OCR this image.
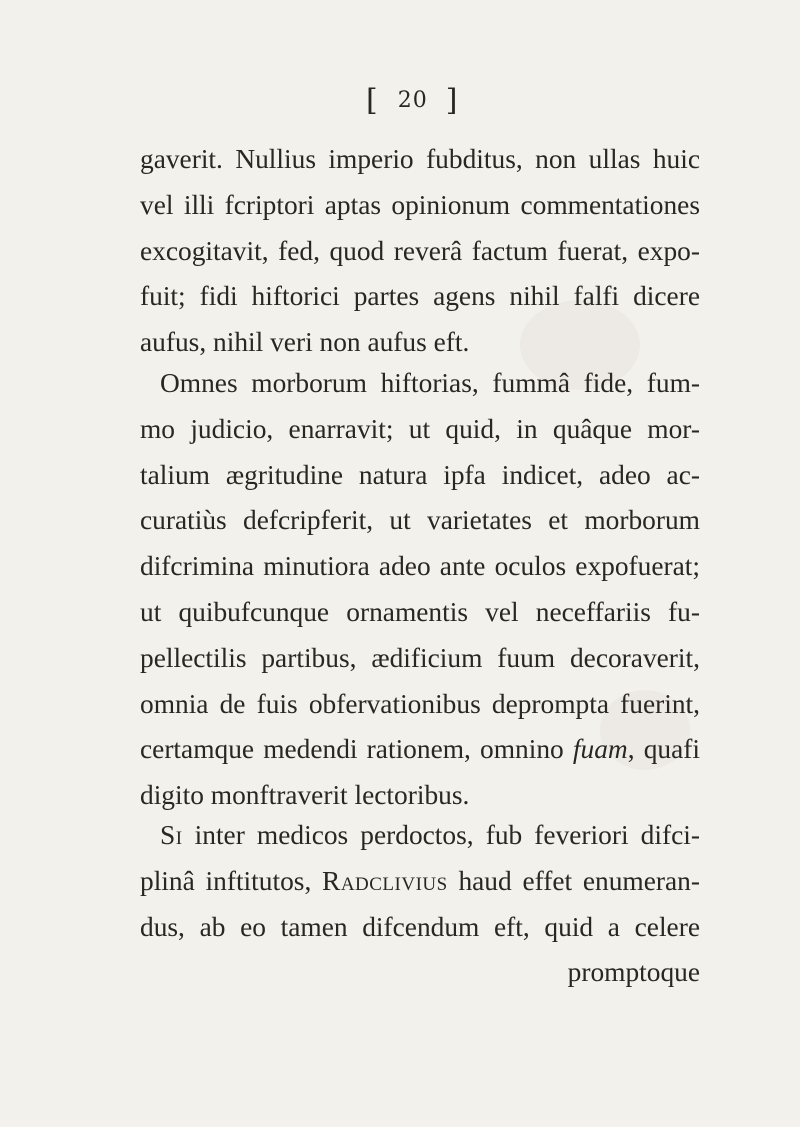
[ 20 ]
gaverit. Nullius imperio fubditus, non ullas huic
vel illi fcriptori aptas opinionum commentationes
excogitavit, fed, quod reverâ factum fuerat, expo-
fuit; fidi hiftorici partes agens nihil falfi dicere
aufus, nihil veri non aufus eft.
Omnes morborum hiftorias, fummâ fide, fum-
mo judicio, enarravit; ut quid, in quâque mor-
talium ægritudine natura ipfa indicet, adeo ac-
curatiùs defcripferit, ut varietates et morborum
difcrimina minutiora adeo ante oculos expofuerat;
ut quibufcunque ornamentis vel neceffariis fu-
pellectilis partibus, ædificium fuum decoraverit,
omnia de fuis obfervationibus deprompta fuerint,
certamque medendi rationem, omnino fuam, quafi
digito monftraverit lectoribus.
Si inter medicos perdoctos, fub feveriori difci-
plinâ inftitutos, Radclivius haud effet enumeran-
dus, ab eo tamen difcendum eft, quid a celere
promptoque
